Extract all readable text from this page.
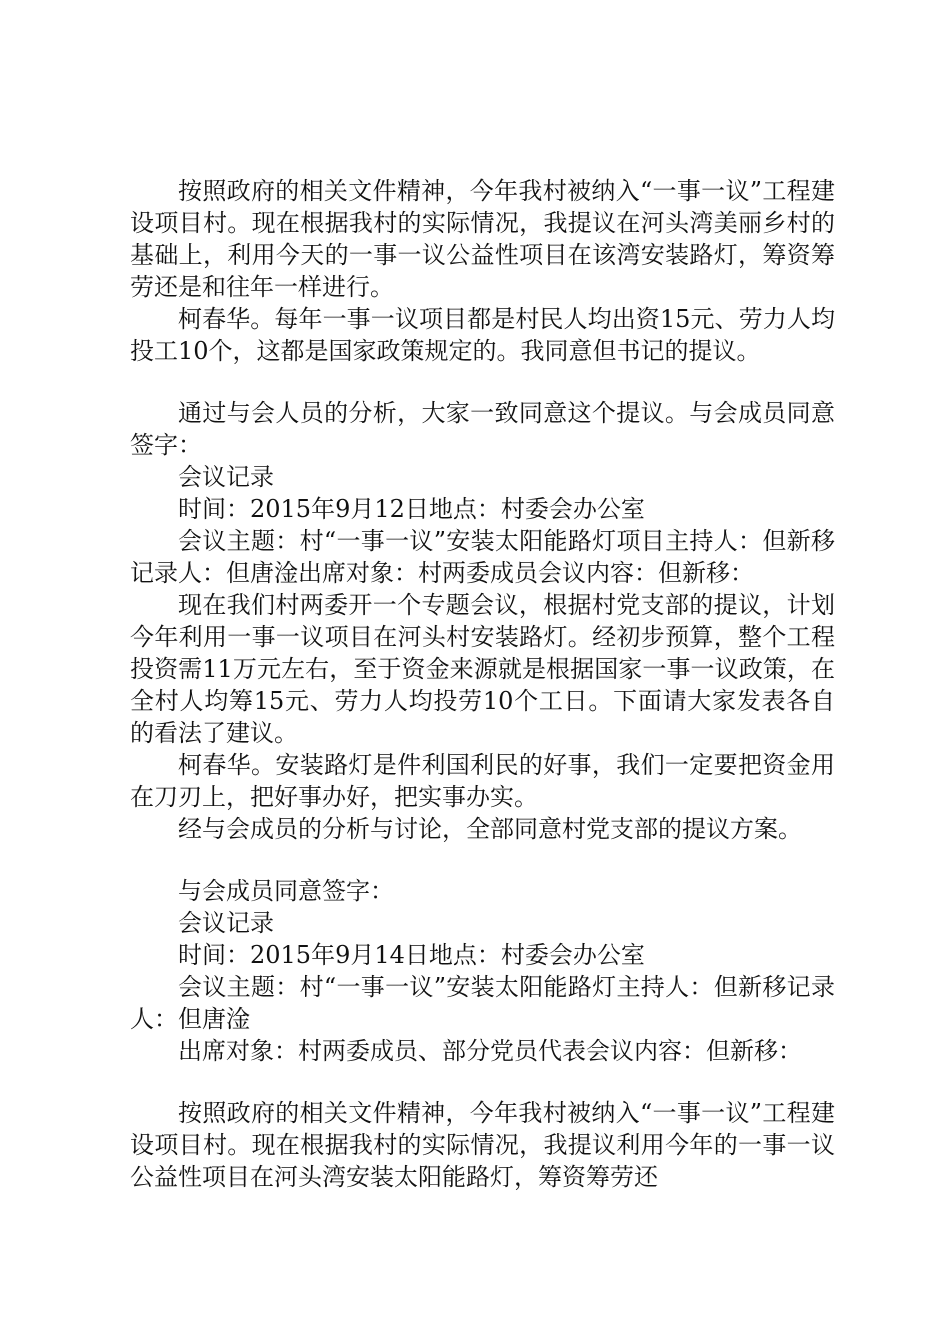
按照政府的相关文件精神，今年我村被纳入“一事一议”工程建设项目村。现在根据我村的实际情况，我提议在河头湾美丽乡村的基础上，利用今天的一事一议公益性项目在该湾安装路灯，筹资筹劳还是和往年一样进行。

柯春华。每年一事一议项目都是村民人均出资15元、劳力人均投工10个，这都是国家政策规定的。我同意但书记的提议。

通过与会人员的分析，大家一致同意这个提议。与会成员同意签字：

会议记录

时间：2015年9月12日地点：村委会办公室

会议主题：村“一事一议”安装太阳能路灯项目主持人：但新移记录人：但唐淦出席对象：村两委成员会议内容：但新移：

现在我们村两委开一个专题会议，根据村党支部的提议，计划今年利用一事一议项目在河头村安装路灯。经初步预算，整个工程投资需11万元左右，至于资金来源就是根据国家一事一议政策，在全村人均筹15元、劳力人均投劳10个工日。下面请大家发表各自的看法了建议。

柯春华。安装路灯是件利国利民的好事，我们一定要把资金用在刀刃上，把好事办好，把实事办实。

经与会成员的分析与讨论，全部同意村党支部的提议方案。

与会成员同意签字：

会议记录

时间：2015年9月14日地点：村委会办公室

会议主题：村“一事一议”安装太阳能路灯主持人：但新移记录人：但唐淦

出席对象：村两委成员、部分党员代表会议内容：但新移：

按照政府的相关文件精神，今年我村被纳入“一事一议”工程建设项目村。现在根据我村的实际情况，我提议利用今年的一事一议公益性项目在河头湾安装太阳能路灯，筹资筹劳还
